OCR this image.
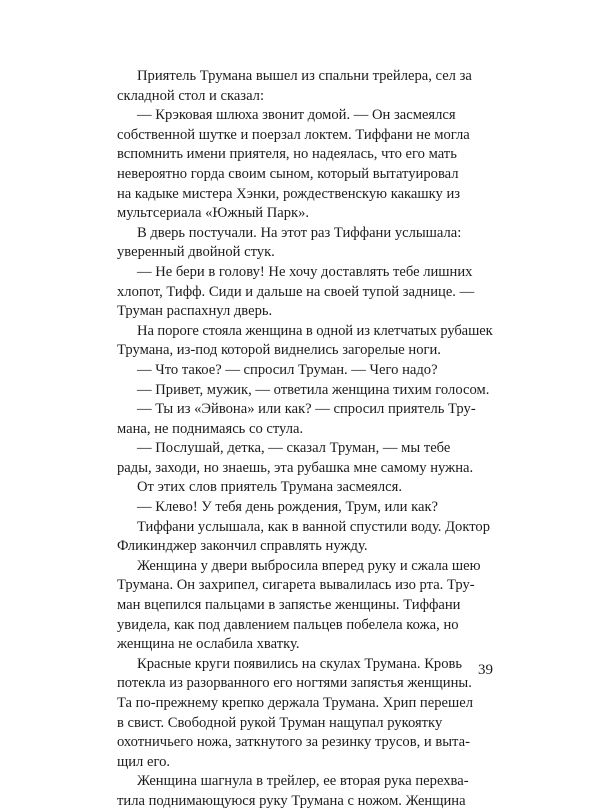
Приятель Трумана вышел из спальни трейлера, сел за
складной стол и сказал:
— Крэковая шлюха звонит домой. — Он засмеялся
собственной шутке и поерзал локтем. Тиффани не могла
вспомнить имени приятеля, но надеялась, что его мать
невероятно горда своим сыном, который вытатуировал
на кадыке мистера Хэнки, рождественскую какашку из
мультсериала «Южный Парк».
В дверь постучали. На этот раз Тиффани услышала:
уверенный двойной стук.
— Не бери в голову! Не хочу доставлять тебе лишних
хлопот, Тифф. Сиди и дальше на своей тупой заднице. —
Труман распахнул дверь.
На пороге стояла женщина в одной из клетчатых рубашек
Трумана, из-под которой виднелись загорелые ноги.
— Что такое? — спросил Труман. — Чего надо?
— Привет, мужик, — ответила женщина тихим голосом.
— Ты из «Эйвона» или как? — спросил приятель Тру-
мана, не поднимаясь со стула.
— Послушай, детка, — сказал Труман, — мы тебе
рады, заходи, но знаешь, эта рубашка мне самому нужна.
От этих слов приятель Трумана засмеялся.
— Клево! У тебя день рождения, Трум, или как?
Тиффани услышала, как в ванной спустили воду. Доктор
Фликинджер закончил справлять нужду.
Женщина у двери выбросила вперед руку и сжала шею
Трумана. Он захрипел, сигарета вывалилась изо рта. Тру-
ман вцепился пальцами в запястье женщины. Тиффани
увидела, как под давлением пальцев побелела кожа, но
женщина не ослабила хватку.
Красные круги появились на скулах Трумана. Кровь
потекла из разорванного его ногтями запястья женщины.
Та по-прежнему крепко держала Трумана. Хрип перешел
в свист. Свободной рукой Труман нащупал рукоятку
охотничьего ножа, заткнутого за резинку трусов, и выта-
щил его.
Женщина шагнула в трейлер, ее вторая рука перехва-
тила поднимающуюся руку Трумана с ножом. Женщина
39
